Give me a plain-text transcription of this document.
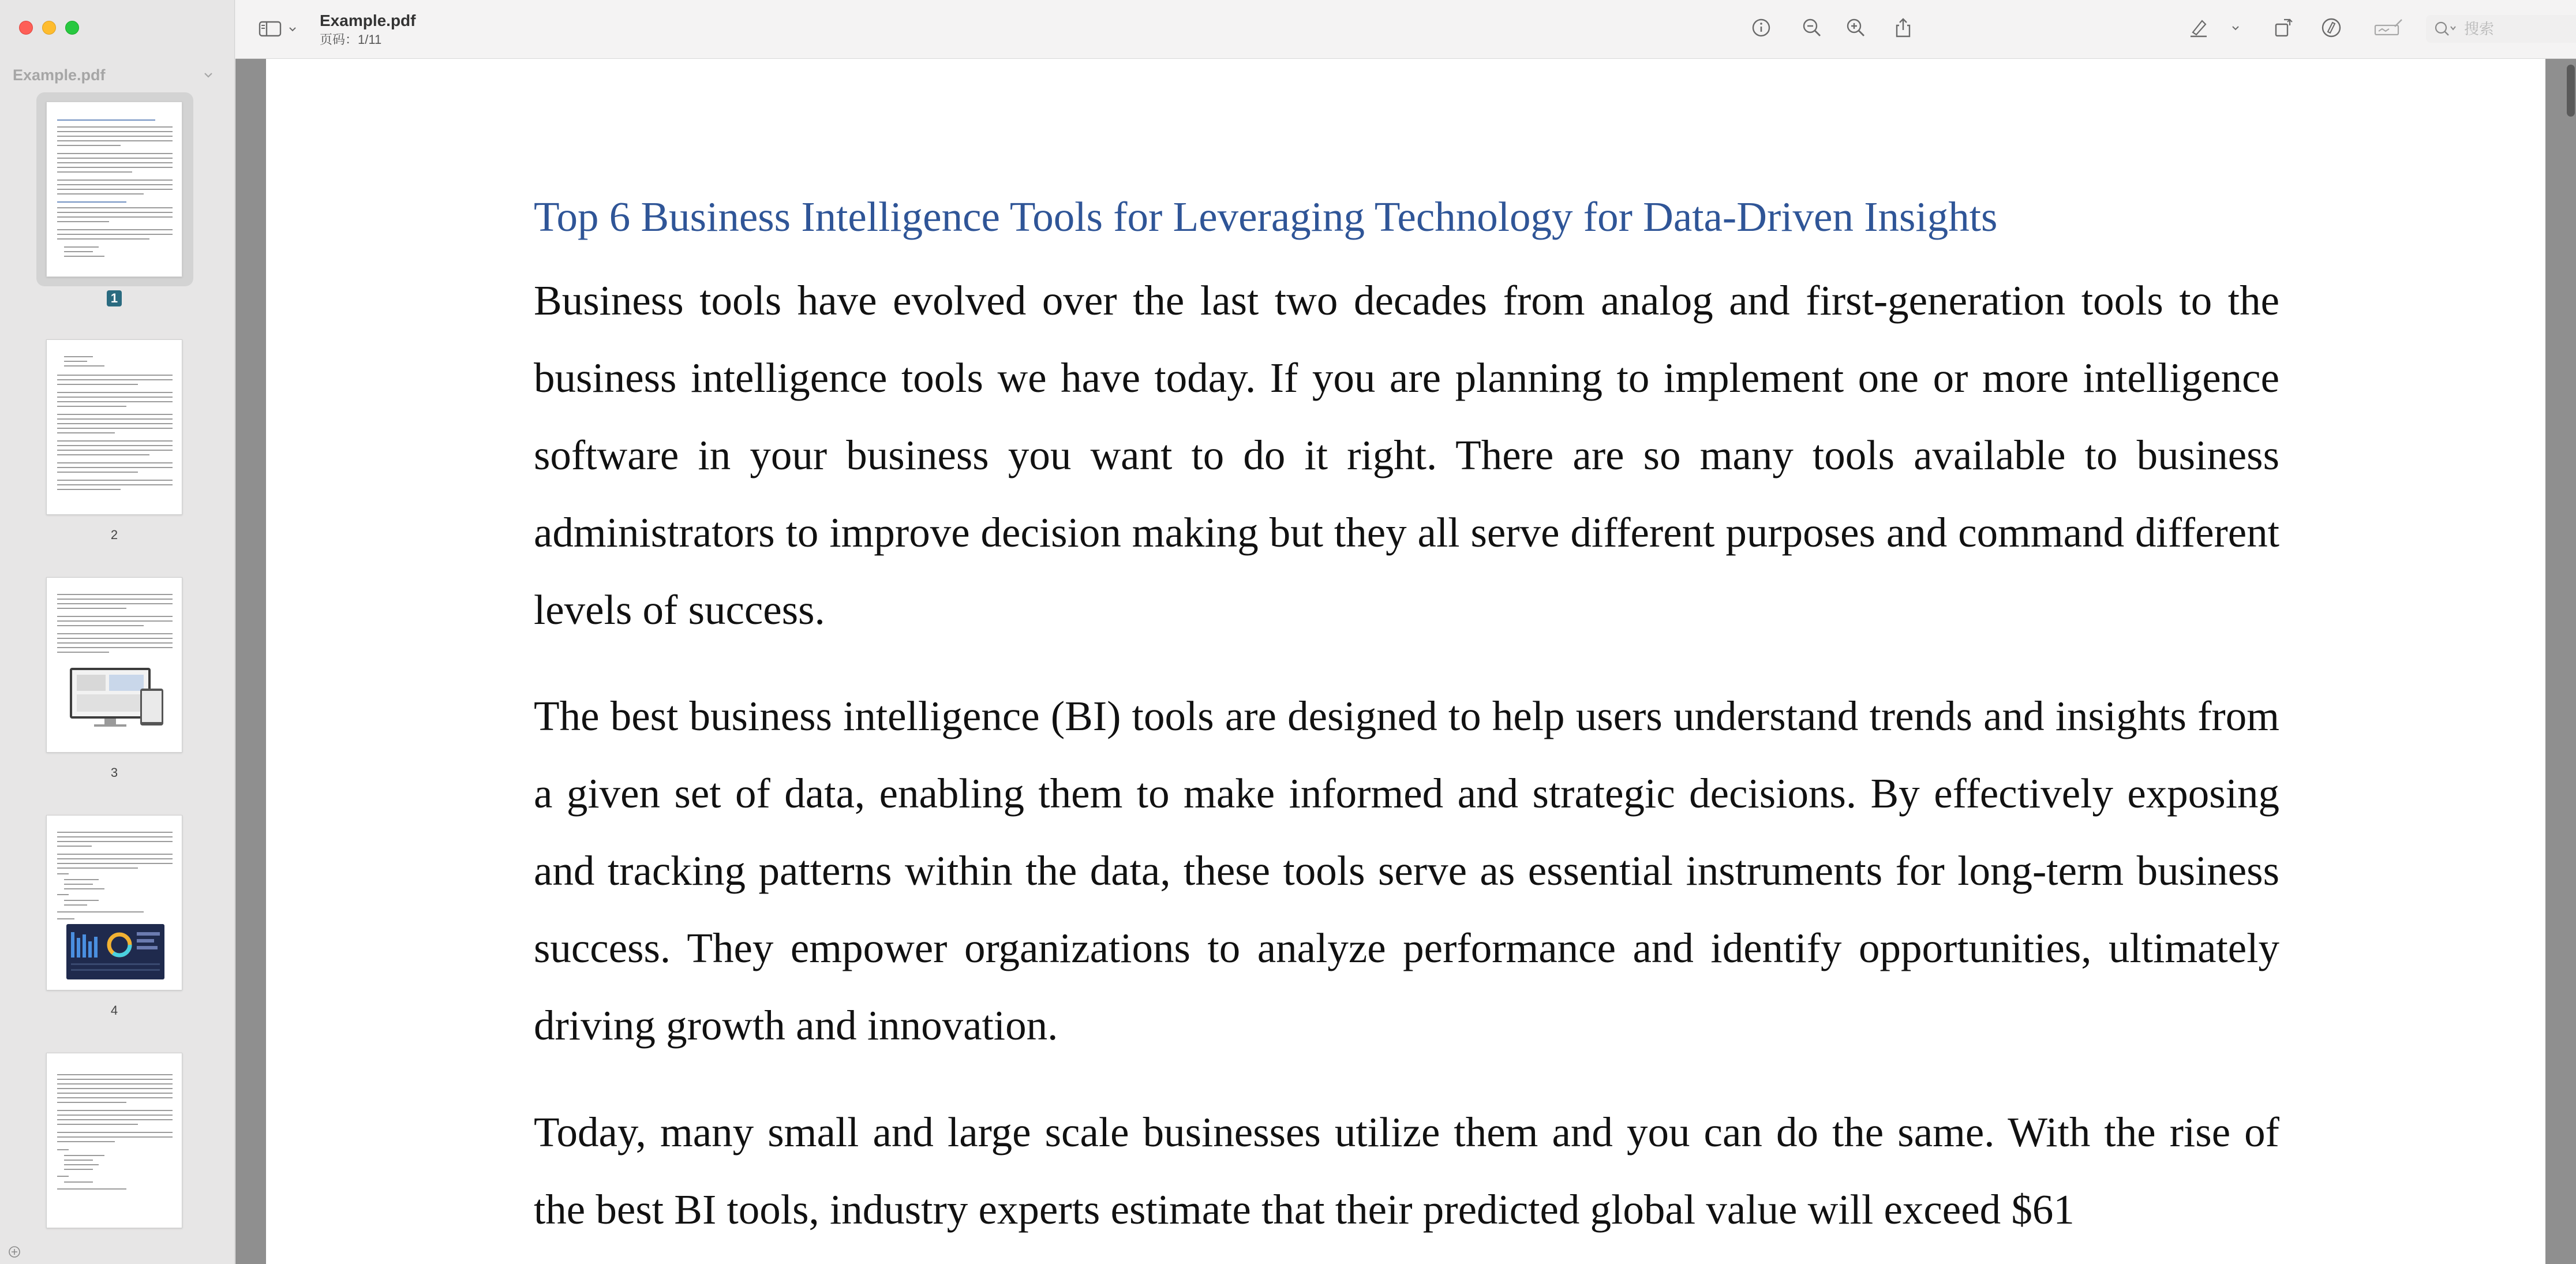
Example.pdf
1
2
3
4
Example.pdf
页码：1/11
搜索
Top 6 Business Intelligence Tools for Leveraging Technology for Data-Driven Insights

Business tools have evolved over the last two decades from analog and first-generation tools to the business intelligence tools we have today. If you are planning to implement one or more intelligence software in your business you want to do it right. There are so many tools available to business administrators to improve decision making but they all serve different purposes and command different levels of success.

The best business intelligence (BI) tools are designed to help users understand trends and insights from a given set of data, enabling them to make informed and strategic decisions. By effectively exposing and tracking patterns within the data, these tools serve as essential instruments for long-term business success. They empower organizations to analyze performance and identify opportunities, ultimately driving growth and innovation.

Today, many small and large scale businesses utilize them and you can do the same. With the rise of the best BI tools, industry experts estimate that their predicted global value will exceed $61
